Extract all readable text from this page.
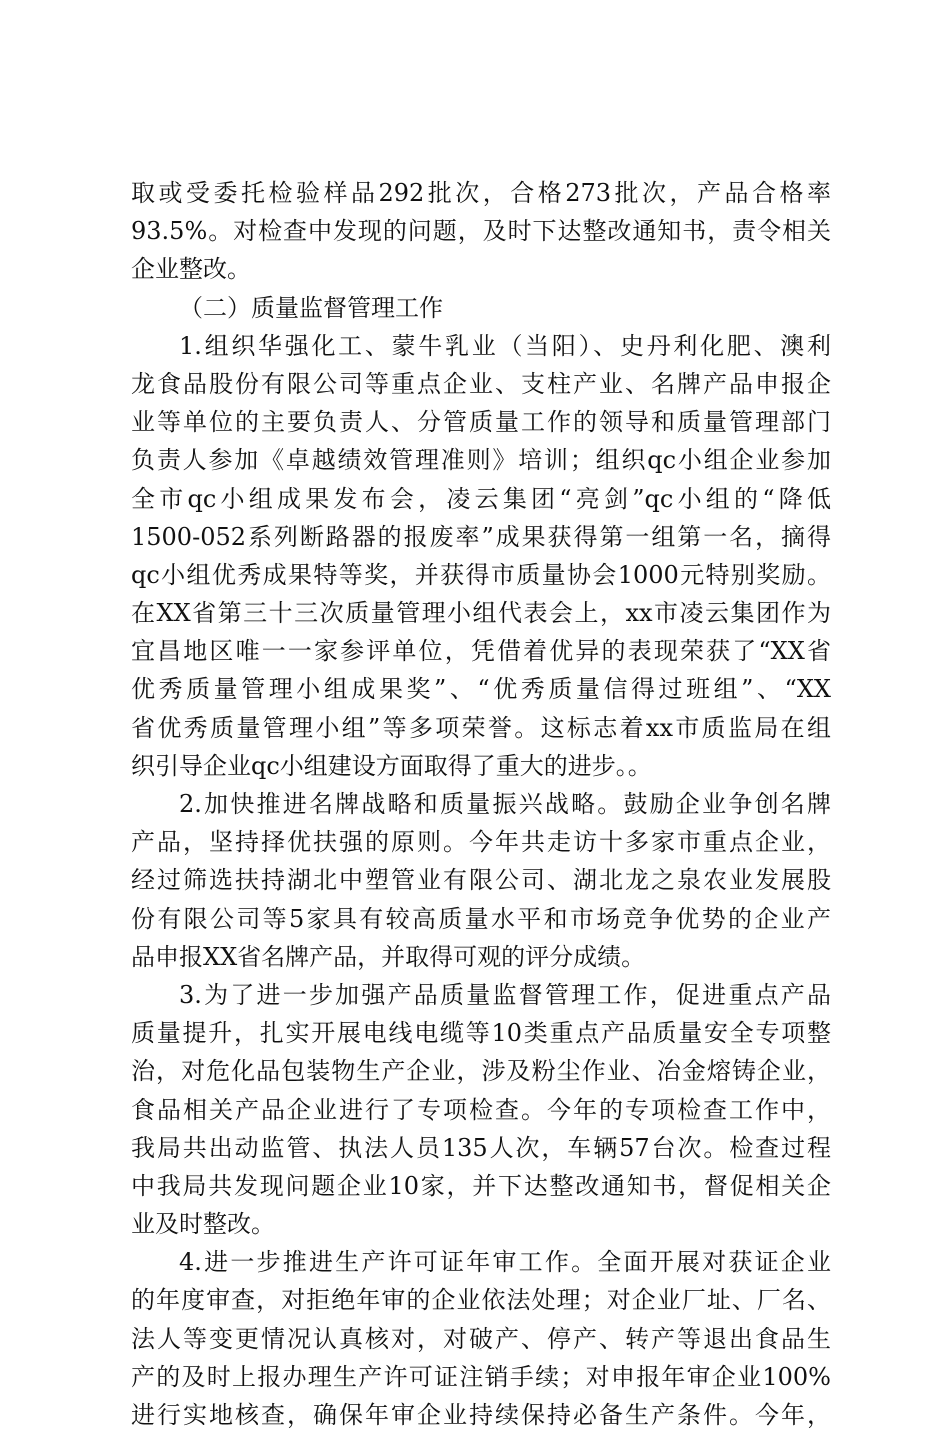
取或受委托检验样品292批次，合格273批次，产品合格率
93.5%。对检查中发现的问题，及时下达整改通知书，责令相关
企业整改。
（二）质量监督管理工作
1.组织华强化工、蒙牛乳业（当阳）、史丹利化肥、澳利
龙食品股份有限公司等重点企业、支柱产业、名牌产品申报企
业等单位的主要负责人、分管质量工作的领导和质量管理部门
负责人参加《卓越绩效管理准则》培训；组织qc小组企业参加
全市qc小组成果发布会，凌云集团“亮剑”qc小组的“降低
1500-052系列断路器的报废率”成果获得第一组第一名，摘得
qc小组优秀成果特等奖，并获得市质量协会1000元特别奖励。
在XX省第三十三次质量管理小组代表会上，xx市凌云集团作为
宜昌地区唯一一家参评单位，凭借着优异的表现荣获了“XX省
优秀质量管理小组成果奖”、“优秀质量信得过班组”、“XX
省优秀质量管理小组”等多项荣誉。这标志着xx市质监局在组
织引导企业qc小组建设方面取得了重大的进步。。
2.加快推进名牌战略和质量振兴战略。鼓励企业争创名牌
产品，坚持择优扶强的原则。今年共走访十多家市重点企业，
经过筛选扶持湖北中塑管业有限公司、湖北龙之泉农业发展股
份有限公司等5家具有较高质量水平和市场竞争优势的企业产
品申报XX省名牌产品，并取得可观的评分成绩。
3.为了进一步加强产品质量监督管理工作，促进重点产品
质量提升，扎实开展电线电缆等10类重点产品质量安全专项整
治，对危化品包装物生产企业，涉及粉尘作业、冶金熔铸企业，
食品相关产品企业进行了专项检查。今年的专项检查工作中，
我局共出动监管、执法人员135人次，车辆57台次。检查过程
中我局共发现问题企业10家，并下达整改通知书，督促相关企
业及时整改。
4.进一步推进生产许可证年审工作。全面开展对获证企业
的年度审查，对拒绝年审的企业依法处理；对企业厂址、厂名、
法人等变更情况认真核对，对破产、停产、转产等退出食品生
产的及时上报办理生产许可证注销手续；对申报年审企业100%
进行实地核查，确保年审企业持续保持必备生产条件。今年，
